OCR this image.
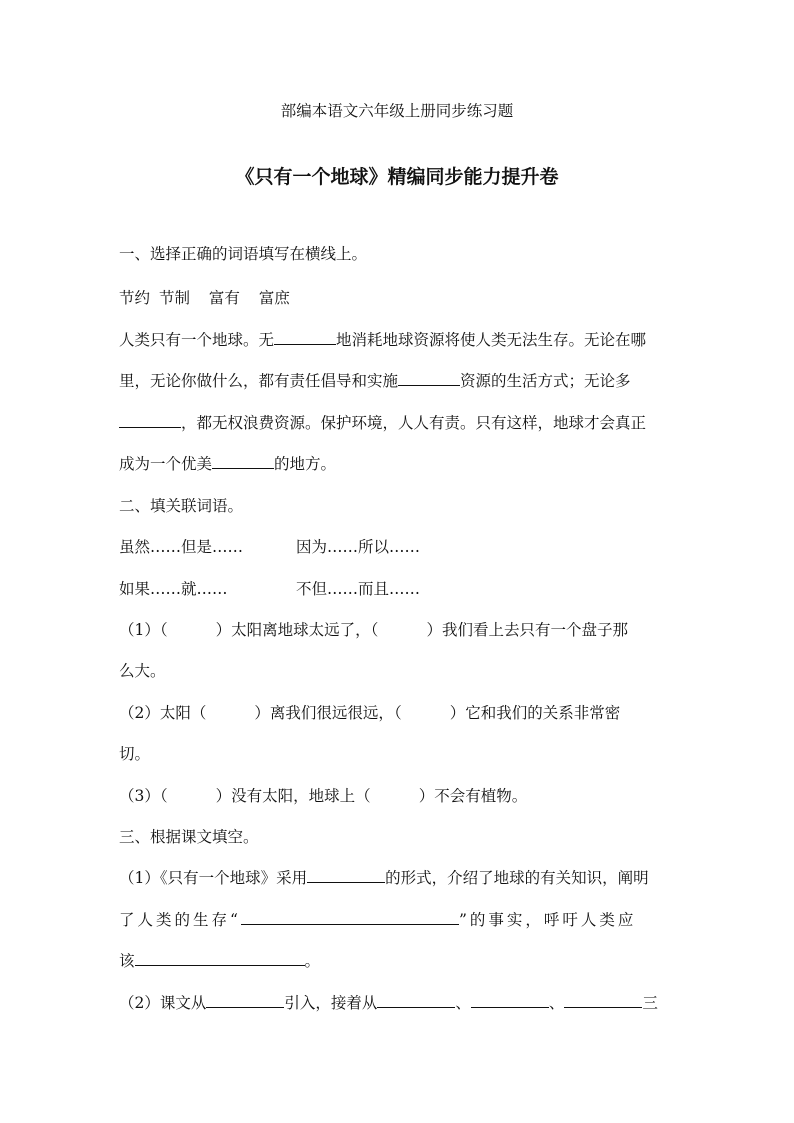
部编本语文六年级上册同步练习题
《只有一个地球》精编同步能力提升卷
一、选择正确的词语填写在横线上。
节约 节制 富有 富庶
人类只有一个地球。无	地消耗地球资源将使人类无法生存。无论在哪
里，无论你做什么，都有责任倡导和实施	资源的生活方式；无论多
，都无权浪费资源。保护环境，人人有责。只有这样，地球才会真正
成为一个优美	的地方。
二、填关联词语。
虽然……但是……	因为……所以……
如果……就……	不但……而且……
（1）（	）太阳离地球太远了，（	）我们看上去只有一个盘子那
么大。
（2）太阳（	）离我们很远很远，（	）它和我们的关系非常密
切。
（3）（	）没有太阳，地球上（	）不会有植物。
三、根据课文填空。
（1）《只有一个地球》采用	的形式，介绍了地球的有关知识，阐明
了人类的生存“	”的事实，呼吁人类应
该	。
（2）课文从	引入，接着从	、	、	三
